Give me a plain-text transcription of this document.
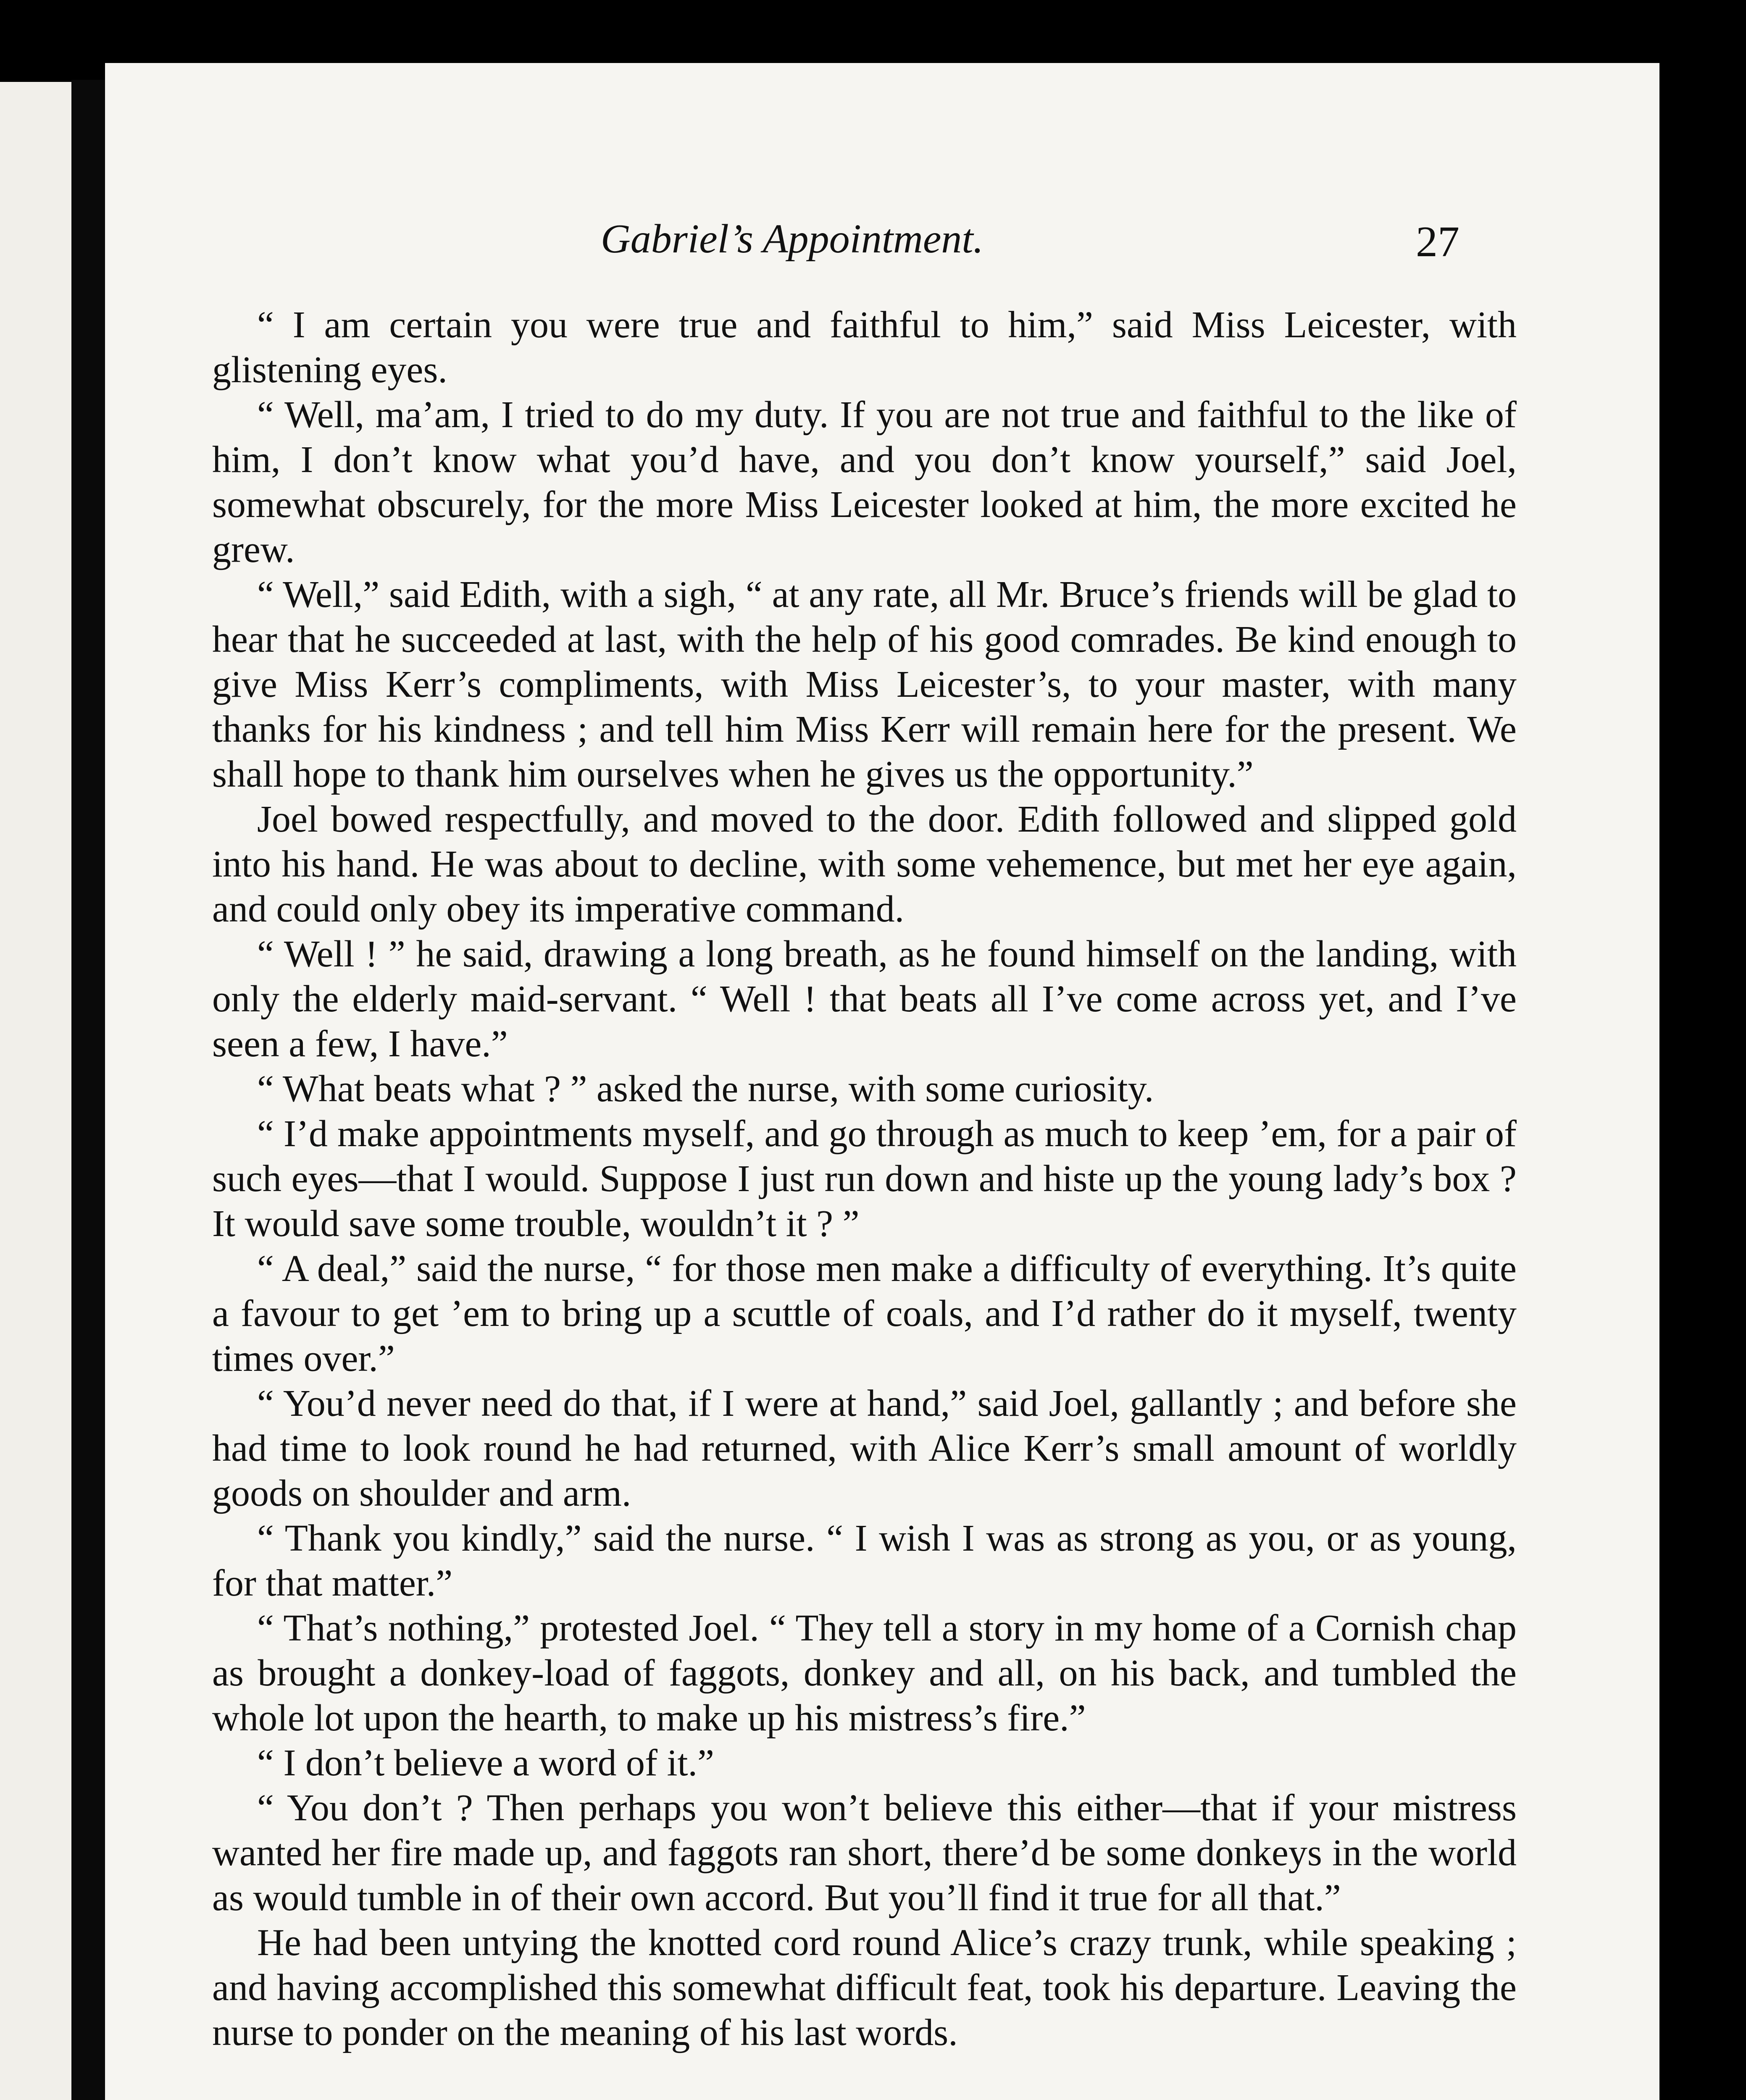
Gabriel’s Appointment.	27

“ I am certain you were true and faithful to him,” said Miss Leicester, with glistening eyes.

“ Well, ma’am, I tried to do my duty. If you are not true and faithful to the like of him, I don’t know what you’d have, and you don’t know yourself,” said Joel, somewhat obscurely, for the more Miss Leicester looked at him, the more excited he grew.

“ Well,” said Edith, with a sigh, “ at any rate, all Mr. Bruce’s friends will be glad to hear that he succeeded at last, with the help of his good comrades. Be kind enough to give Miss Kerr’s compliments, with Miss Leicester’s, to your master, with many thanks for his kindness ; and tell him Miss Kerr will remain here for the present. We shall hope to thank him ourselves when he gives us the opportunity.”

Joel bowed respectfully, and moved to the door. Edith followed and slipped gold into his hand. He was about to decline, with some vehemence, but met her eye again, and could only obey its imperative command.

“ Well ! ” he said, drawing a long breath, as he found himself on the landing, with only the elderly maid-servant. “ Well ! that beats all I’ve come across yet, and I’ve seen a few, I have.”

“ What beats what ? ” asked the nurse, with some curiosity.

“ I’d make appointments myself, and go through as much to keep ’em, for a pair of such eyes—that I would. Suppose I just run down and histe up the young lady’s box ? It would save some trouble, wouldn’t it ? ”

“ A deal,” said the nurse, “ for those men make a difficulty of everything. It’s quite a favour to get ’em to bring up a scuttle of coals, and I’d rather do it myself, twenty times over.”

“ You’d never need do that, if I were at hand,” said Joel, gallantly ; and before she had time to look round he had returned, with Alice Kerr’s small amount of worldly goods on shoulder and arm.

“ Thank you kindly,” said the nurse. “ I wish I was as strong as you, or as young, for that matter.”

“ That’s nothing,” protested Joel. “ They tell a story in my home of a Cornish chap as brought a donkey-load of faggots, donkey and all, on his back, and tumbled the whole lot upon the hearth, to make up his mistress’s fire.”

“ I don’t believe a word of it.”

“ You don’t ? Then perhaps you won’t believe this either—that if your mistress wanted her fire made up, and faggots ran short, there’d be some donkeys in the world as would tumble in of their own accord. But you’ll find it true for all that.”

He had been untying the knotted cord round Alice’s crazy trunk, while speaking ; and having accomplished this somewhat difficult feat, took his departure. Leaving the nurse to ponder on the meaning of his last words.
